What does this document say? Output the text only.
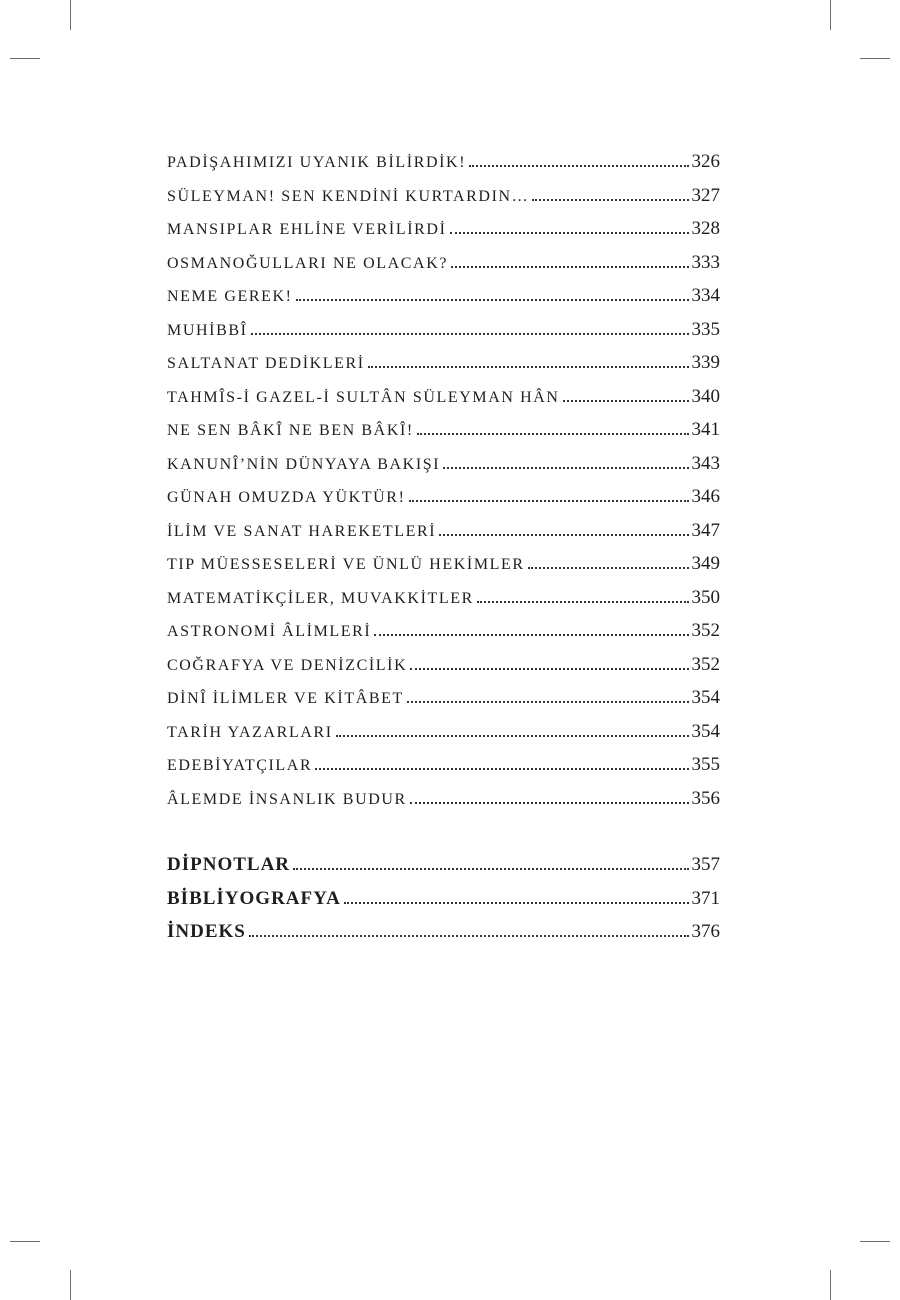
PADİŞAHIMIZI UYANIK BİLİRDİK!	326
SÜLEYMAN! SEN KENDİNİ KURTARDIN…	327
MANSIPLAR EHLİNE VERİLİRDİ	328
OSMANOĞULLARI NE OLACAK?	333
NEME GEREK!	334
MUHİBBÎ	335
SALTANAT DEDİKLERİ	339
TAHMÎS-İ GAZEL-İ SULTÂN SÜLEYMAN HÂN	340
NE SEN BÂKÎ NE BEN BÂKÎ!	341
KANUNÎ’NİN DÜNYAYA BAKIŞI	343
GÜNAH OMUZDA YÜKTÜR!	346
İLİM VE SANAT HAREKETLERİ	347
TIP MÜESSESELERİ VE ÜNLÜ HEKİMLER	349
MATEMATİKÇİLER, MUVAKKİTLER	350
ASTRONOMİ ÂLİMLERİ	352
COĞRAFYA VE DENİZCİLİK	352
DİNÎ İLİMLER VE KİTÂBET	354
TARİH YAZARLARI	354
EDEBİYATÇILAR	355
ÂLEMDE İNSANLIK BUDUR	356
DİPNOTLAR	357
BİBLİYOGRAFYA	371
İNDEKS	376
